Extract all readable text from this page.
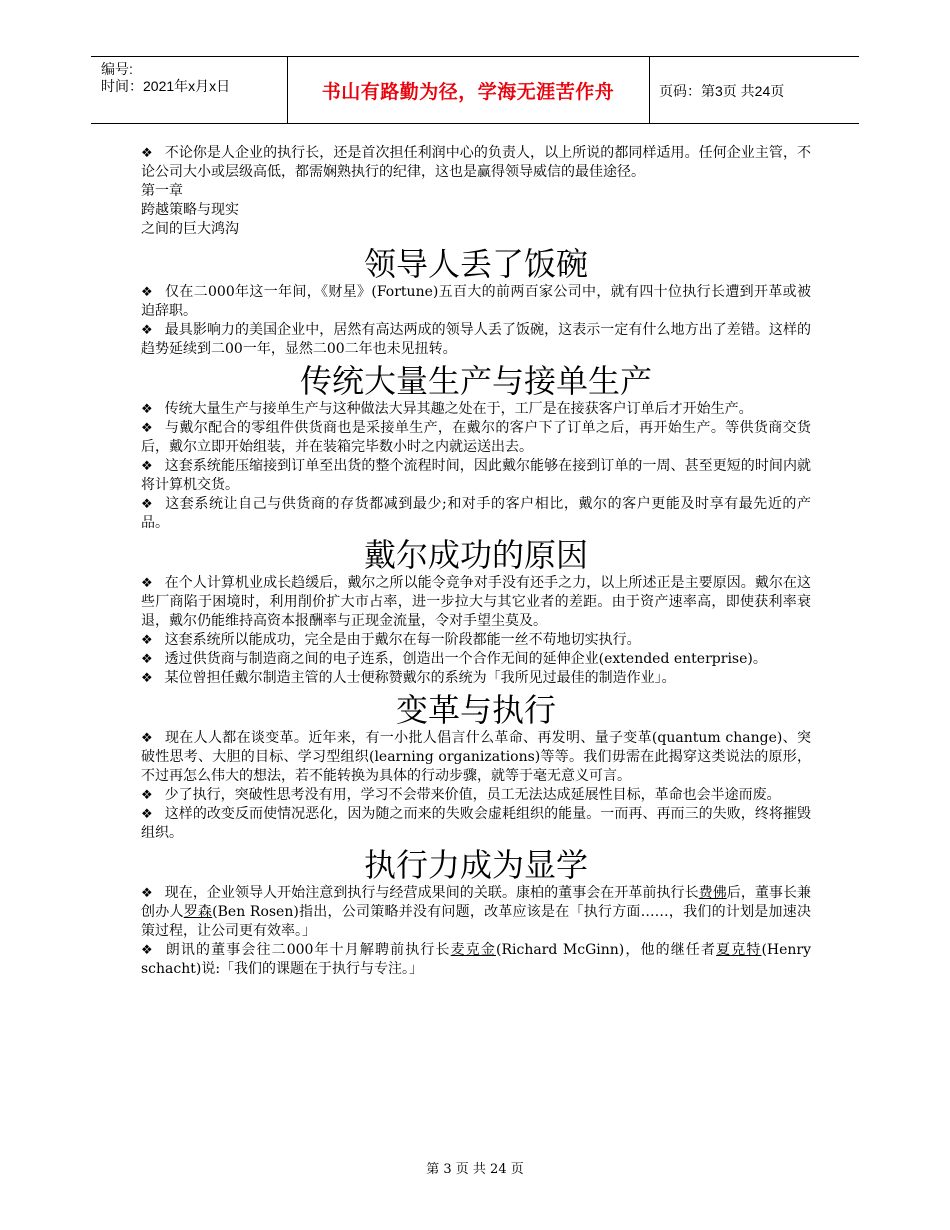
编号:
时间：2021年x月x日	书山有路勤为径，学海无涯苦作舟	页码：第3页 共24页

❖ 不论你是人企业的执行长，还是首次担任利润中心的负责人，以上所说的都同样适用。任何企业主管，不论公司大小或层级高低，都需娴熟执行的纪律，这也是赢得领导威信的最佳途径。

第一章

跨越策略与现实

之间的巨大鸿沟

领导人丢了饭碗

❖ 仅在二000年这一年间，《财星》(Fortune)五百大的前两百家公司中，就有四十位执行长遭到开革或被迫辞职。

❖ 最具影响力的美国企业中，居然有高达两成的领导人丢了饭碗，这表示一定有什么地方出了差错。这样的趋势延续到二00一年，显然二00二年也未见扭转。

传统大量生产与接单生产

❖ 传统大量生产与接单生产与这种做法大异其趣之处在于，工厂是在接获客户订单后才开始生产。

❖ 与戴尔配合的零组件供货商也是采接单生产，在戴尔的客户下了订单之后，再开始生产。等供货商交货后，戴尔立即开始组装，并在装箱完毕数小时之内就运送出去。

❖ 这套系统能压缩接到订单至出货的整个流程时间，因此戴尔能够在接到订单的一周、甚至更短的时间内就将计算机交货。

❖ 这套系统让自己与供货商的存货都减到最少;和对手的客户相比，戴尔的客户更能及时享有最先近的产品。

戴尔成功的原因

❖ 在个人计算机业成长趋缓后，戴尔之所以能令竞争对手没有还手之力，以上所述正是主要原因。戴尔在这些厂商陷于困境时，利用削价扩大市占率，进一步拉大与其它业者的差距。由于资产速率高，即使获利率衰退，戴尔仍能维持高资本报酬率与正现金流量，令对手望尘莫及。

❖ 这套系统所以能成功，完全是由于戴尔在每一阶段都能一丝不苟地切实执行。

❖ 透过供货商与制造商之间的电子连系，创造出一个合作无间的延伸企业(extended enterprise)。

❖ 某位曾担任戴尔制造主管的人士便称赞戴尔的系统为「我所见过最佳的制造作业」。

变革与执行

❖ 现在人人都在谈变革。近年来，有一小批人倡言什么革命、再发明、量子变革(quantum change)、突破性思考、大胆的目标、学习型组织(learning organizations)等等。我们毋需在此揭穿这类说法的原形，不过再怎么伟大的想法，若不能转换为具体的行动步骤，就等于毫无意义可言。

❖ 少了执行，突破性思考没有用，学习不会带来价值，员工无法达成延展性目标，革命也会半途而废。

❖ 这样的改变反而使情况恶化，因为随之而来的失败会虚耗组织的能量。一而再、再而三的失败，终将摧毁组织。

执行力成为显学

❖ 现在，企业领导人开始注意到执行与经营成果间的关联。康柏的董事会在开革前执行长费佛后，董事长兼创办人罗森(Ben Rosen)指出，公司策略并没有问题，改革应该是在「执行方面……，我们的计划是加速决策过程，让公司更有效率。」

❖ 朗讯的董事会往二000年十月解聘前执行长麦克金(Richard McGinn)，他的继任者夏克特(Henry schacht)说:「我们的课题在于执行与专注。」

第 3 页 共 24 页
